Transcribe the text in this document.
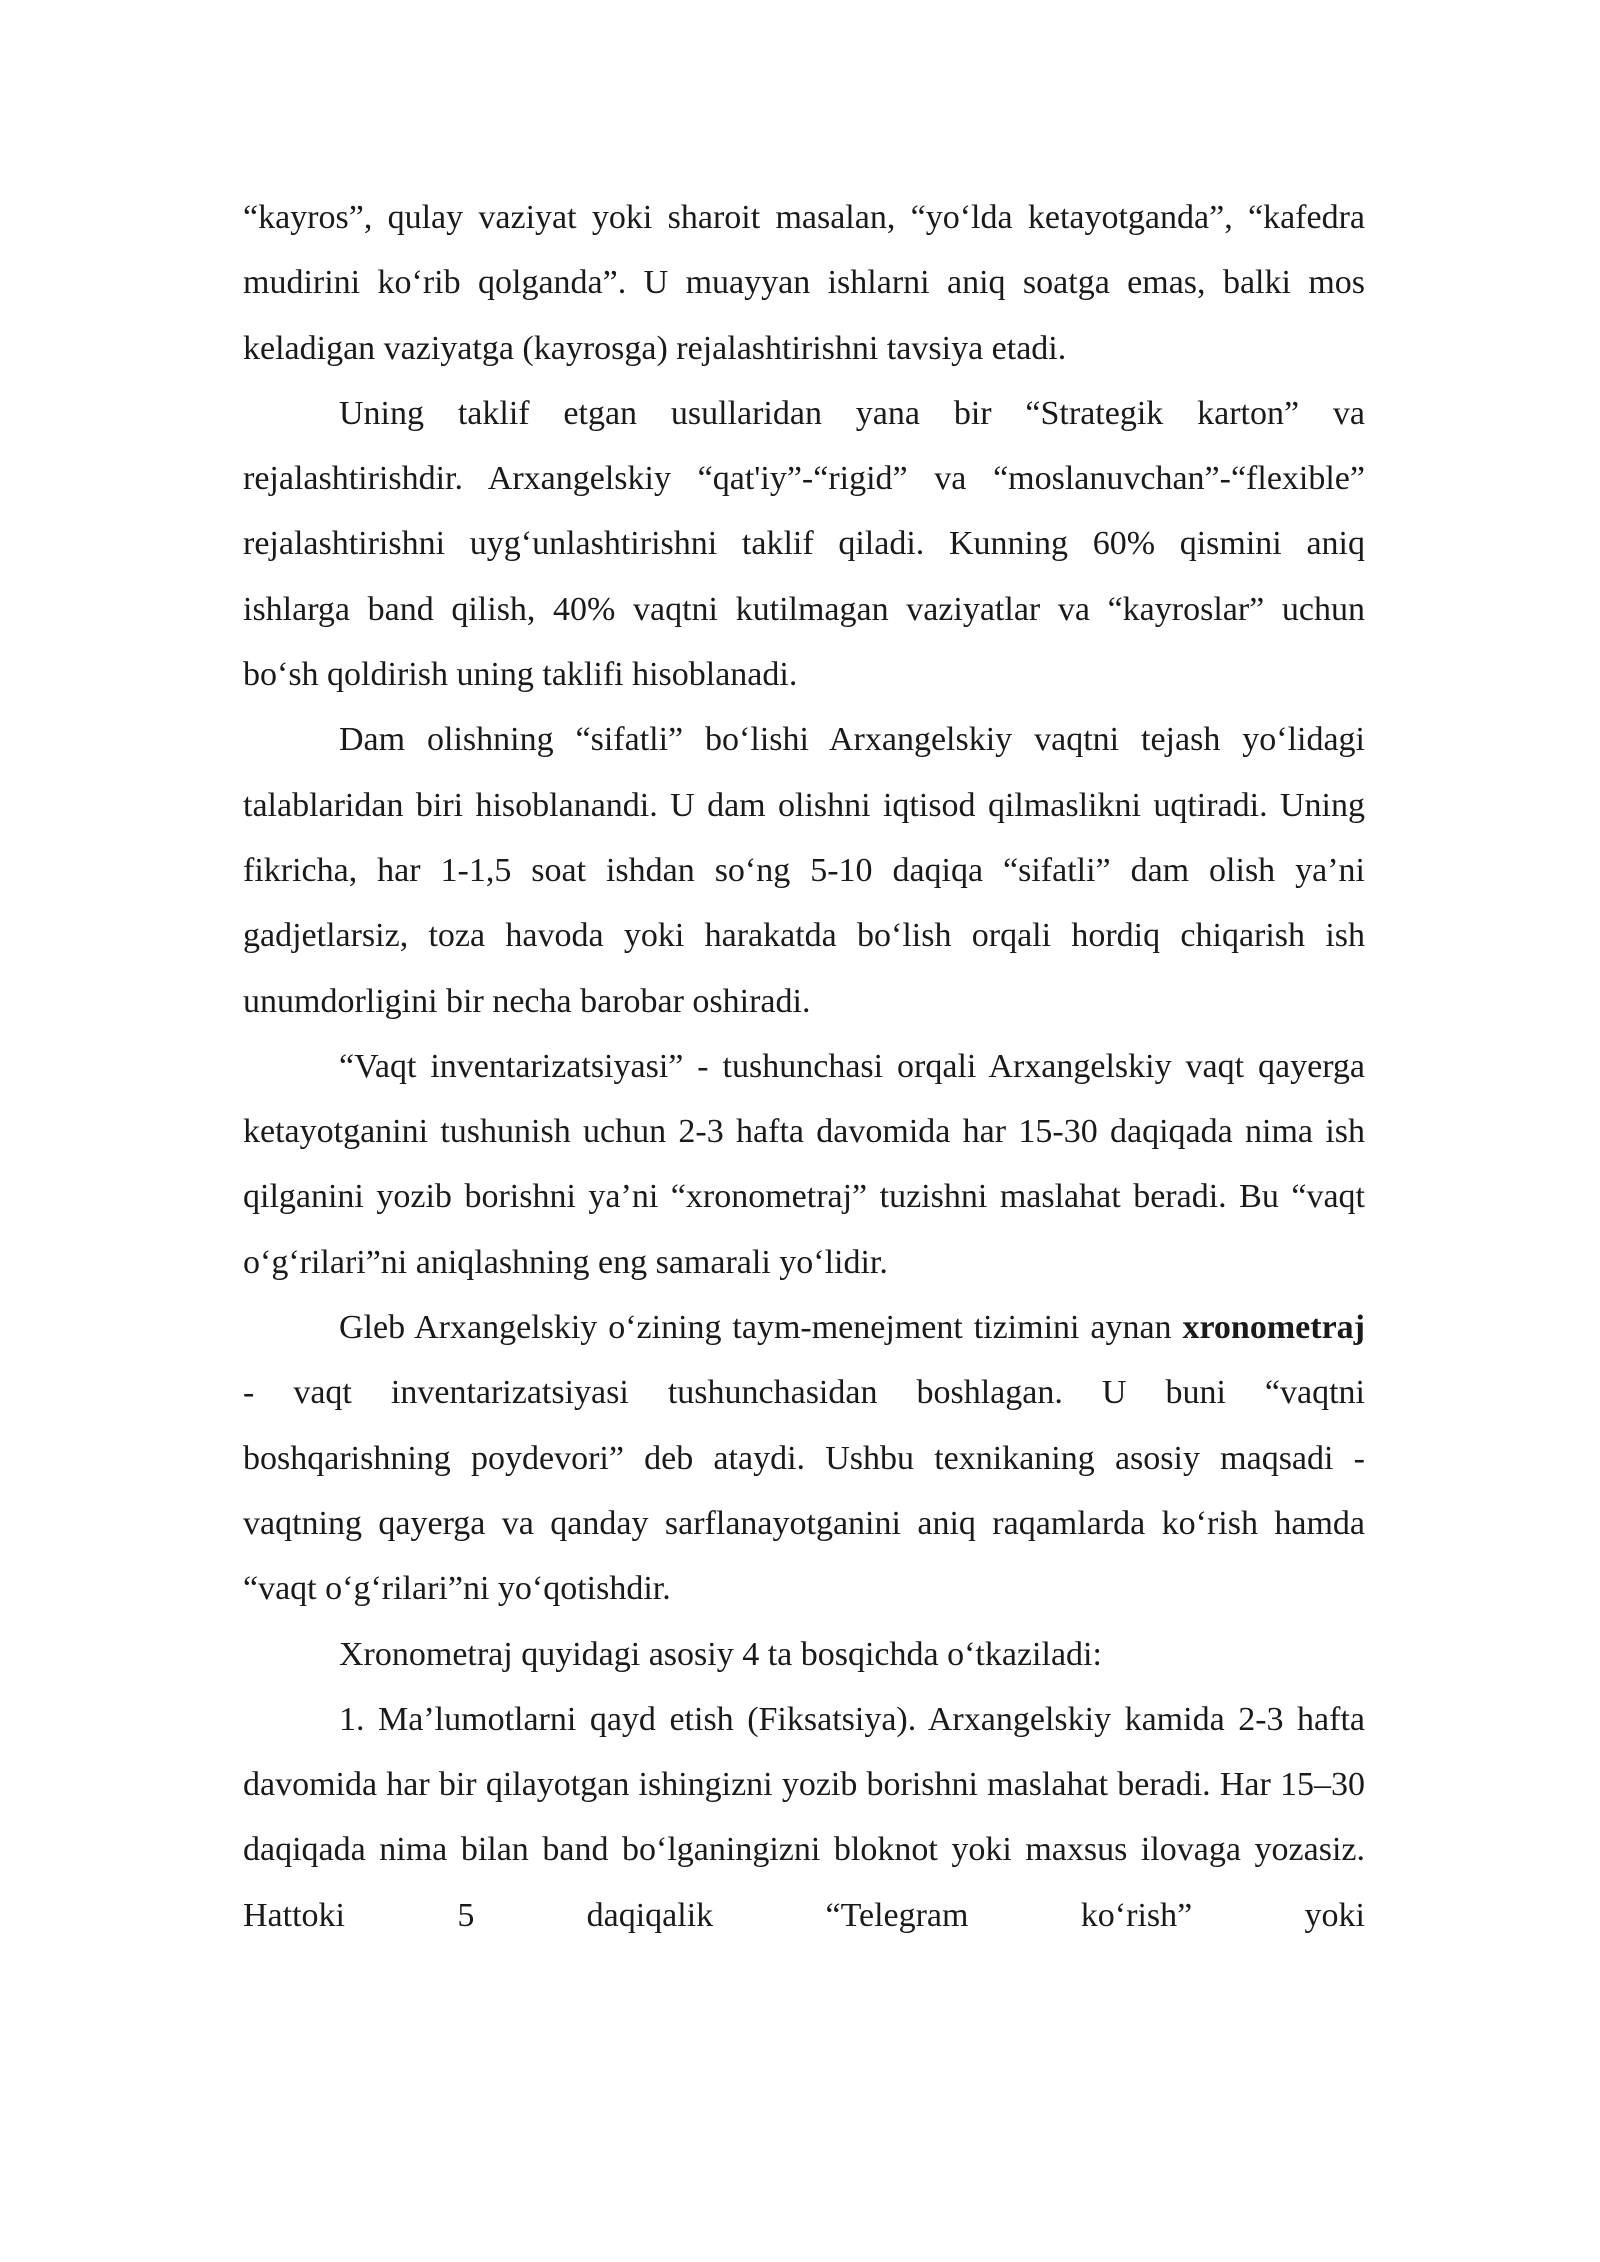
“kayros”, qulay vaziyat yoki sharoit masalan, “yo‘lda ketayotganda”, “kafedra mudirini ko‘rib qolganda”. U muayyan ishlarni aniq soatga emas, balki mos keladigan vaziyatga (kayrosga) rejalashtirishni tavsiya etadi.

Uning taklif etgan usullaridan yana bir “Strategik karton” va rejalashtirishdir. Arxangelskiy “qat'iy”-“rigid” va “moslanuvchan”-“flexible” rejalashtirishni uyg‘unlashtirishni taklif qiladi. Kunning 60% qismini aniq ishlarga band qilish, 40% vaqtni kutilmagan vaziyatlar va “kayroslar” uchun bo‘sh qoldirish uning taklifi hisoblanadi.

Dam olishning “sifatli” bo‘lishi Arxangelskiy vaqtni tejash yo‘lidagi talablaridan biri hisoblanandi. U dam olishni iqtisod qilmaslikni uqtiradi. Uning fikricha, har 1-1,5 soat ishdan so‘ng 5-10 daqiqa “sifatli” dam olish ya’ni gadjetlarsiz, toza havoda yoki harakatda bo‘lish orqali hordiq chiqarish ish unumdorligini bir necha barobar oshiradi.

“Vaqt inventarizatsiyasi” - tushunchasi orqali Arxangelskiy vaqt qayerga ketayotganini tushunish uchun 2-3 hafta davomida har 15-30 daqiqada nima ish qilganini yozib borishni ya’ni “xronometraj” tuzishni maslahat beradi. Bu “vaqt o‘g‘rilari”ni aniqlashning eng samarali yo‘lidir.

Gleb Arxangelskiy o‘zining taym-menejment tizimini aynan xronometraj - vaqt inventarizatsiyasi tushunchasidan boshlagan. U buni “vaqtni boshqarishning poydevori” deb ataydi. Ushbu texnikaning asosiy maqsadi - vaqtning qayerga va qanday sarflanayotganini aniq raqamlarda ko‘rish hamda “vaqt o‘g‘rilari”ni yo‘qotishdir.

Xronometraj quyidagi asosiy 4 ta bosqichda o‘tkaziladi:

1. Ma’lumotlarni qayd etish (Fiksatsiya). Arxangelskiy kamida 2-3 hafta davomida har bir qilayotgan ishingizni yozib borishni maslahat beradi. Har 15–30 daqiqada nima bilan band bo‘lganingizni bloknot yoki maxsus ilovaga yozasiz. Hattoki 5 daqiqalik “Telegram ko‘rish” yoki
